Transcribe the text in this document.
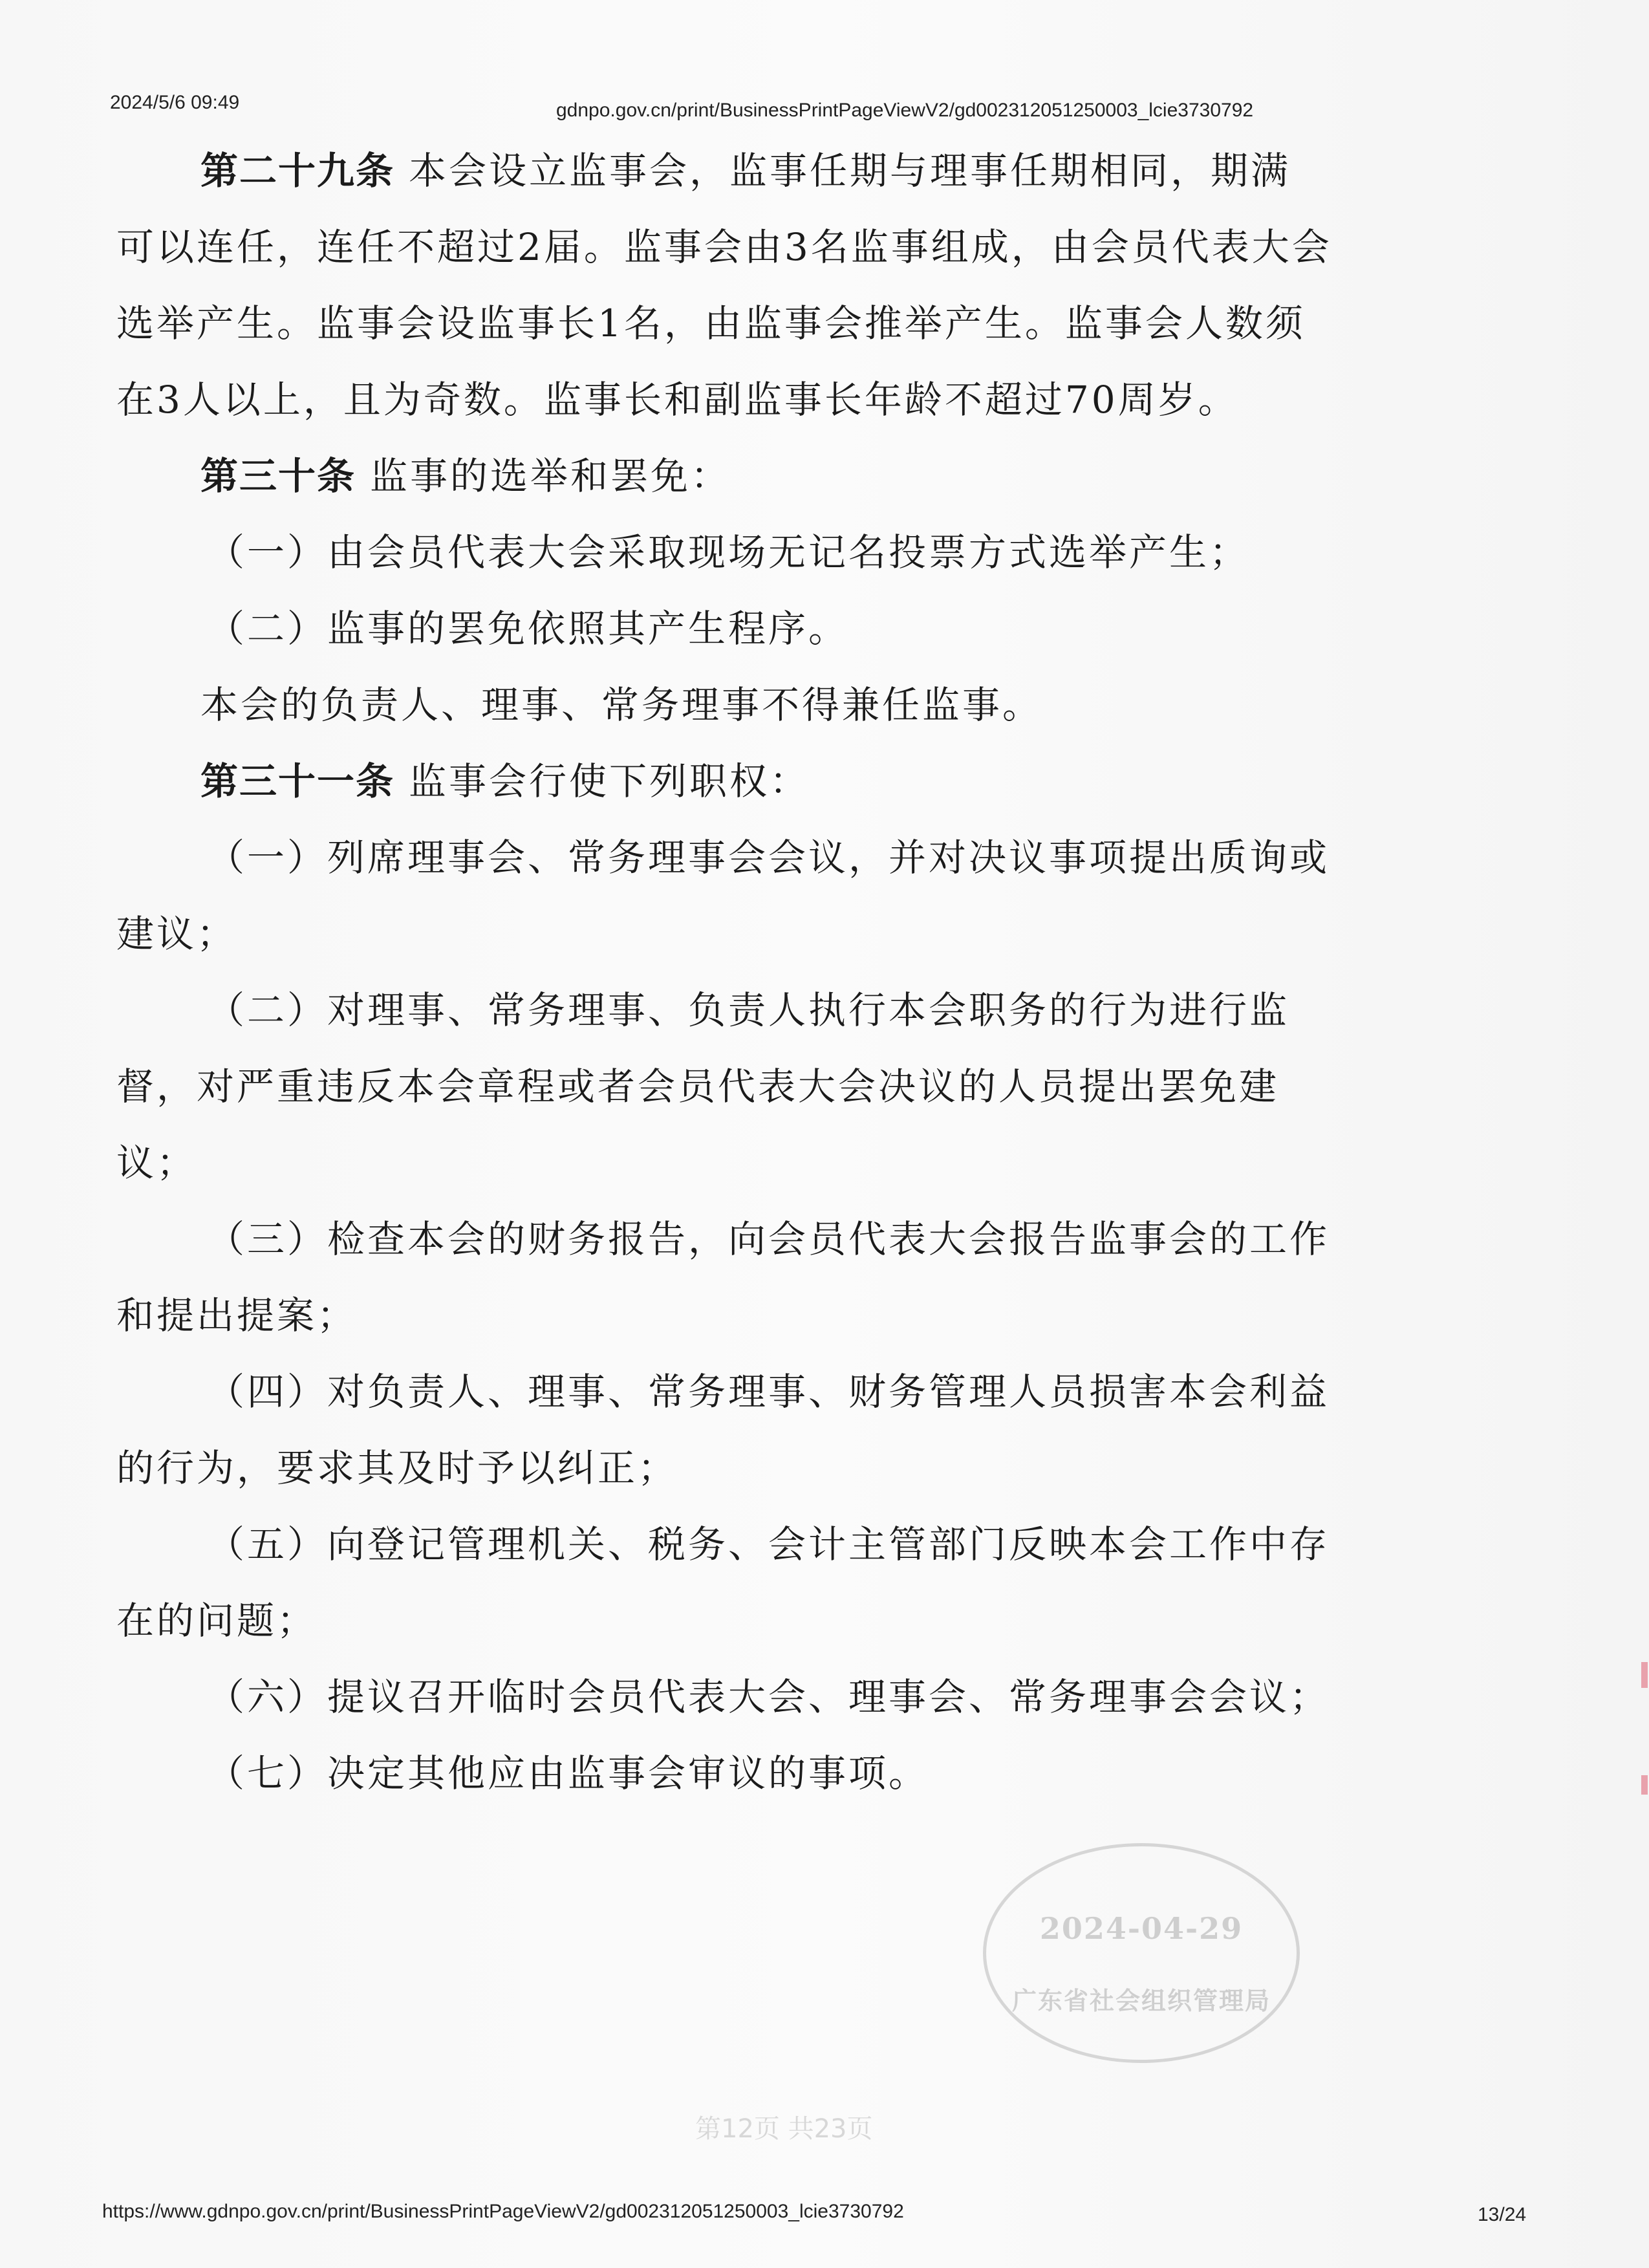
2024/5/6 09:49	gdnpo.gov.cn/print/BusinessPrintPageViewV2/gd002312051250003_lcie3730792
第二十九条 本会设立监事会，监事任期与理事任期相同，期满
可以连任，连任不超过2届。监事会由3名监事组成，由会员代表大会
选举产生。监事会设监事长1名，由监事会推举产生。监事会人数须
在3人以上，且为奇数。监事长和副监事长年龄不超过70周岁。
第三十条 监事的选举和罢免：
（一）由会员代表大会采取现场无记名投票方式选举产生；
（二）监事的罢免依照其产生程序。
本会的负责人、理事、常务理事不得兼任监事。
第三十一条 监事会行使下列职权：
（一）列席理事会、常务理事会会议，并对决议事项提出质询或
建议；
（二）对理事、常务理事、负责人执行本会职务的行为进行监
督，对严重违反本会章程或者会员代表大会决议的人员提出罢免建
议；
（三）检查本会的财务报告，向会员代表大会报告监事会的工作
和提出提案；
（四）对负责人、理事、常务理事、财务管理人员损害本会利益
的行为，要求其及时予以纠正；
（五）向登记管理机关、税务、会计主管部门反映本会工作中存
在的问题；
（六）提议召开临时会员代表大会、理事会、常务理事会会议；
（七）决定其他应由监事会审议的事项。
2024-04-29
广东省社会组织管理局
第12页 共23页
https://www.gdnpo.gov.cn/print/BusinessPrintPageViewV2/gd002312051250003_lcie3730792	13/24
